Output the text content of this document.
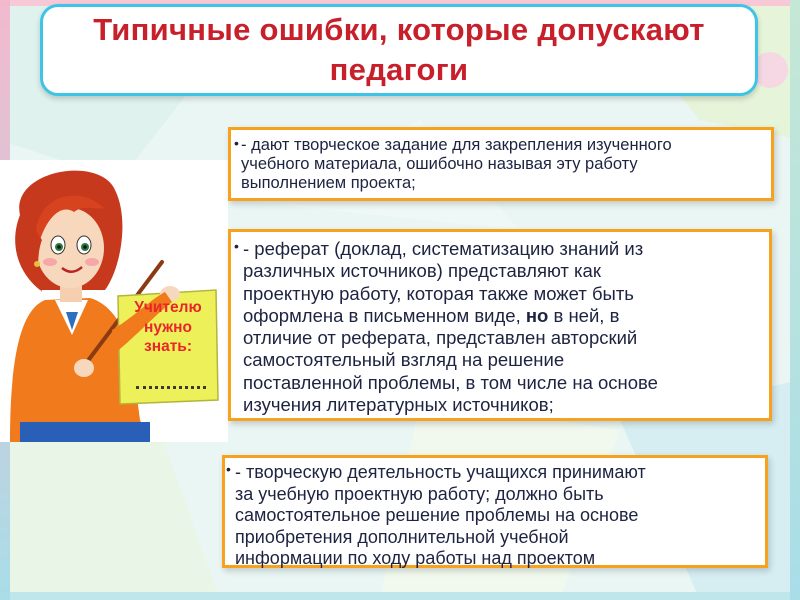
Типичные ошибки, которые допускают педагоги
Учителю
нужно
знать:
• - дают творческое задание для закрепления изученного
учебного материала, ошибочно называя эту работу
выполнением проекта;
• - реферат (доклад, систематизацию знаний из
различных источников) представляют как
проектную работу, которая также может быть
оформлена в письменном виде, но в ней, в
отличие от реферата, представлен авторский
самостоятельный взгляд на решение
поставленной проблемы, в том числе на основе
изучения литературных источников;
• - творческую деятельность учащихся принимают
за учебную проектную работу; должно быть
самостоятельное решение проблемы на основе
приобретения дополнительной учебной
информации по ходу работы над проектом
